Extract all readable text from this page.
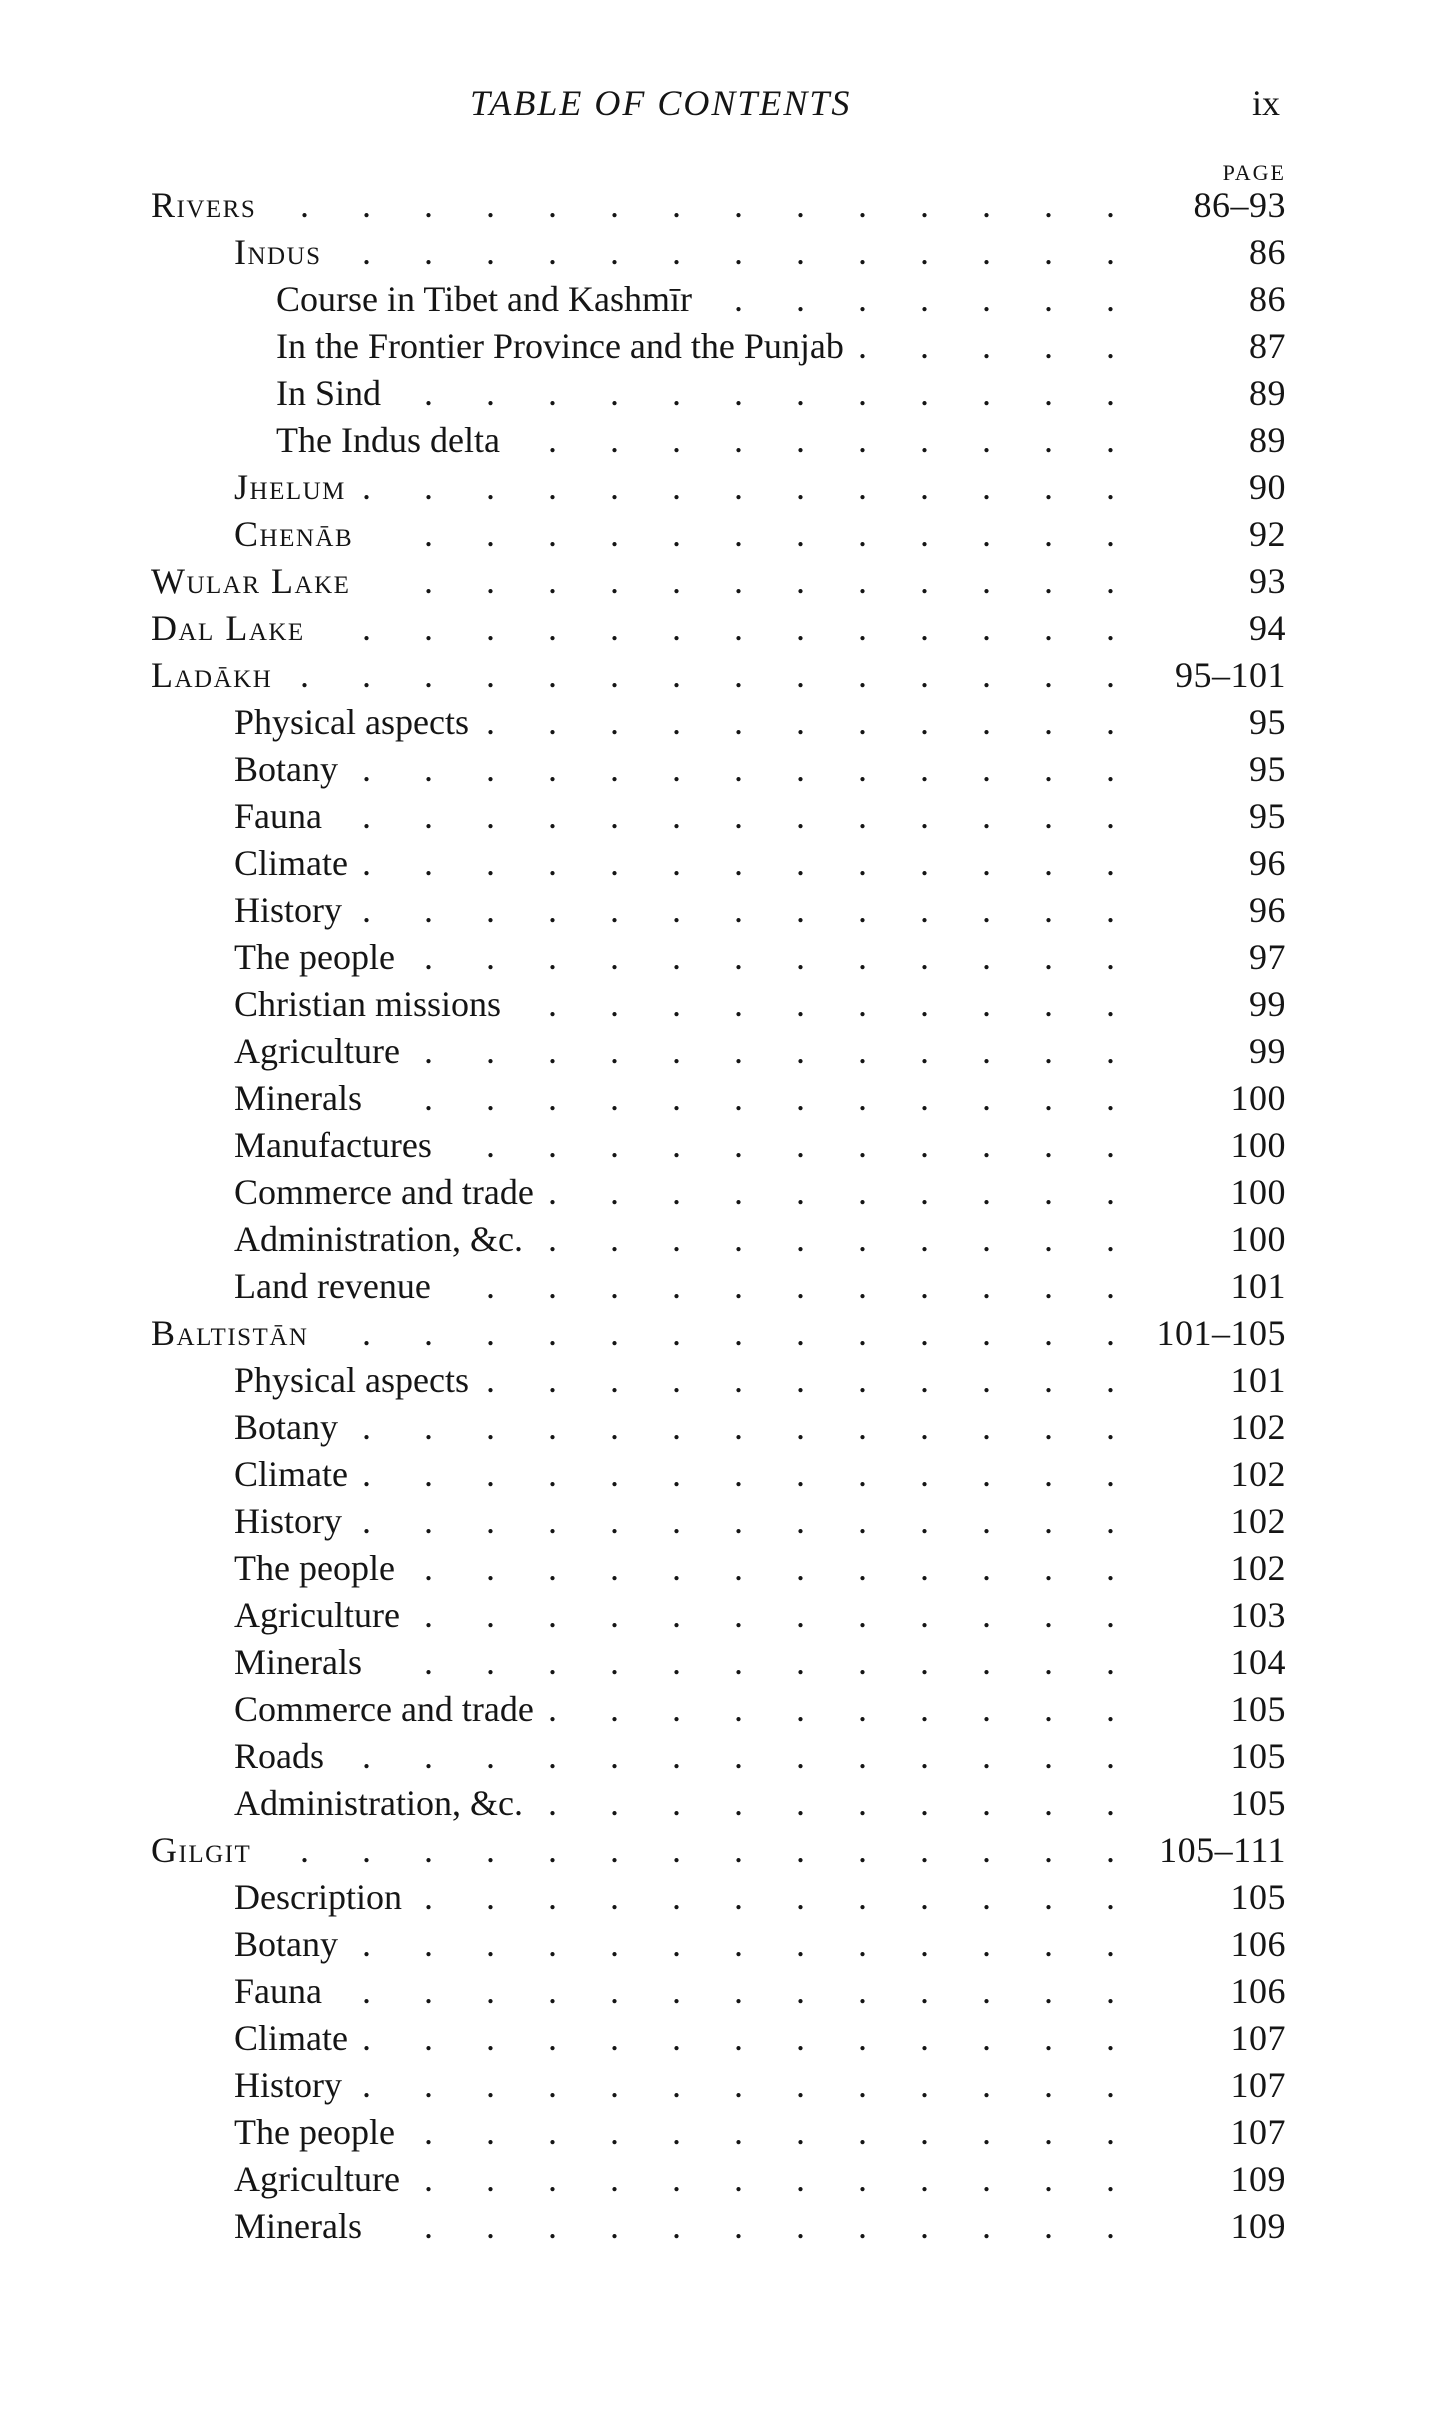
TABLE OF CONTENTS	ix
PAGE
Rivers . . . . . . . . . . . . . .	86–93
Indus . . . . . . . . . . . . .	86
Course in Tibet and Kashmīr . . . . . . .	86
In the Frontier Province and the Punjab . . . . .	87
In Sind . . . . . . . . . . . .	89
The Indus delta . . . . . . . . . .	89
Jhelum . . . . . . . . . . . . .	90
Chenāb . . . . . . . . . . . .	92
Wular Lake . . . . . . . . . . . .	93
Dal Lake . . . . . . . . . . . . .	94
Ladākh . . . . . . . . . . . . . .	95–101
Physical aspects . . . . . . . . . . .	95
Botany . . . . . . . . . . . . .	95
Fauna . . . . . . . . . . . . .	95
Climate . . . . . . . . . . . . .	96
History . . . . . . . . . . . . .	96
The people . . . . . . . . . . . .	97
Christian missions . . . . . . . . . .	99
Agriculture . . . . . . . . . . . .	99
Minerals . . . . . . . . . . . .	100
Manufactures . . . . . . . . . . .	100
Commerce and trade . . . . . . . . . .	100
Administration, &c. . . . . . . . . . .	100
Land revenue . . . . . . . . . . .	101
Baltistān . . . . . . . . . . . . .	101–105
Physical aspects . . . . . . . . . . .	101
Botany . . . . . . . . . . . . .	102
Climate . . . . . . . . . . . . .	102
History . . . . . . . . . . . . .	102
The people . . . . . . . . . . . .	102
Agriculture . . . . . . . . . . . .	103
Minerals . . . . . . . . . . . .	104
Commerce and trade . . . . . . . . . .	105
Roads . . . . . . . . . . . . .	105
Administration, &c. . . . . . . . . . .	105
Gilgit . . . . . . . . . . . . . .	105–111
Description . . . . . . . . . . . .	105
Botany . . . . . . . . . . . . .	106
Fauna . . . . . . . . . . . . .	106
Climate . . . . . . . . . . . . .	107
History . . . . . . . . . . . . .	107
The people . . . . . . . . . . . .	107
Agriculture . . . . . . . . . . . .	109
Minerals . . . . . . . . . . . .	109
